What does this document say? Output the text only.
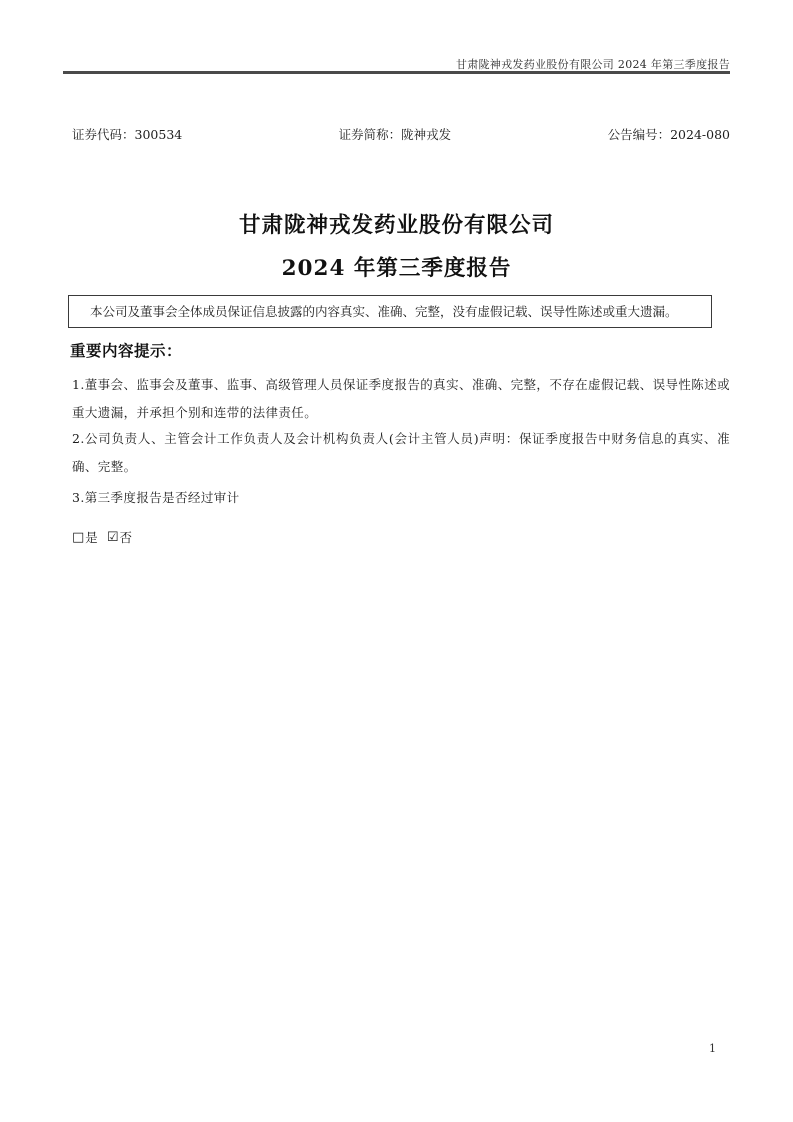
甘肃陇神戎发药业股份有限公司 2024 年第三季度报告
证券代码：300534	证券简称：陇神戎发	公告编号：2024-080
甘肃陇神戎发药业股份有限公司
2024 年第三季度报告
本公司及董事会全体成员保证信息披露的内容真实、准确、完整，没有虚假记载、误导性陈述或重大遗漏。
重要内容提示：
1.董事会、监事会及董事、监事、高级管理人员保证季度报告的真实、准确、完整，不存在虚假记载、误导性陈述或重大遗漏，并承担个别和连带的法律责任。
2.公司负责人、主管会计工作负责人及会计机构负责人(会计主管人员)声明：保证季度报告中财务信息的真实、准确、完整。
3.第三季度报告是否经过审计
□ 是 ☑ 否
1
